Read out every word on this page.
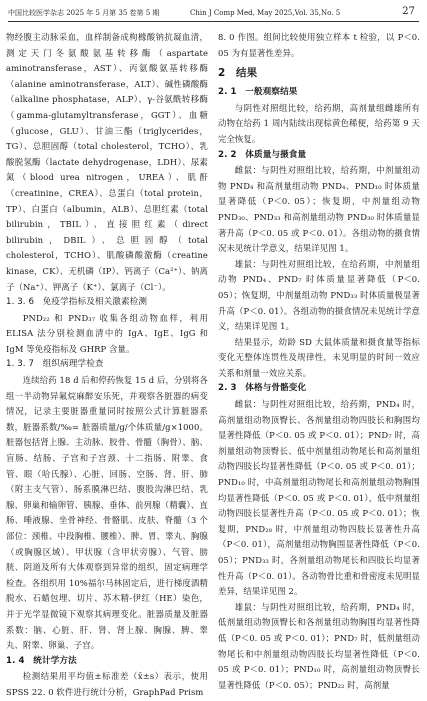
中国比较医学杂志 2025 年 5 月第 35 卷第 5 期	Chin J Comp Med, May 2025,Vol. 35,No. 5	27

物经腹主动脉采血，血样制备成枸橼酸钠抗凝血清，测定天门冬氨酸氨基转移酶（aspartate aminotransferase，AST）、丙氨酸氨基转移酶（alanine aminotransferase，ALT）、碱性磷酸酶（alkaline phosphatase，ALP）、γ-谷氨酰转移酶（gamma-glutamyltransferase，GGT）、血糖（glucose，GLU）、甘油三酯（triglycerides，TG）、总胆固醇（total cholesterol，TCHO）、乳酸脱氢酶（lactate dehydrogenase，LDH）、尿素氮（blood urea nitrogen，UREA）、肌酐（creatinine，CREA）、总蛋白（total protein，TP）、白蛋白（albumin，ALB）、总胆红素（total bilirubin，TBIL）、直接胆红素（direct bilirubin，DBIL）、总胆固醇（total cholesterol，TCHO）、肌酸磷酸激酶（creatine kinase，CK）、无机磷（IP）、钙离子（Ca²⁺）、钠离子（Na⁺）、钾离子（K⁺）、氯离子（Cl⁻）。

1. 3. 6　免疫学指标及相关激素检测

PND₂₂ 和 PND₃₇ 收集各组动物血样，利用 ELISA 法分别检测血清中的 IgA、IgE、IgG 和 IgM 等免疫指标及 GHRP 含量。

1. 3. 7　组织病理学检查

连续给药 18 d 后和停药恢复 15 d 后，分别将各组一半动物异氟烷麻醉安乐死，并观察各脏器的病变情况，记录主要脏器重量同时按照公式计算脏器系数，脏器系数/‰= 脏器质量/g/个体质量/g×1000。脏器包括肾上腺、主动脉、胶骨、骨髓（胸骨）、脑、盲肠、结肠、子宫和子宫颈、十二指肠、附睾、食管、眼（哈氏腺）、心脏、回肠、空肠、肾、肝、肺（附主支气管）、肠系膜淋巴结、腹股沟淋巴结、乳腺、卵巢和输卵管、胰腺、垂体、前列腺（精囊）、直肠、唾液腺、坐骨神经、骨骼肌、皮肤、脊髓（3 个部位：颈椎、中段胸椎、腰椎）、脾、胃、睾丸、胸腺（或胸腺区域）、甲状腺（含甲状旁腺）、气管、膀胱、阴道及所有大体观察到异常的组织，固定病理学检查。各组织用 10%福尔马林固定后，进行梯度酒精脱水、石蜡包埋、切片、苏木精-伊红（HE）染色，并于光学显微镜下观察其病理变化。脏器质量及脏器系数：脑、心脏、肝、肾、肾上腺、胸腺、脾、睾丸、附睾、卵巢、子宫。

1. 4　统计学方法

检测结果用平均值±标准差（x̄±s）表示，使用 SPSS 22. 0 软件进行统计分析，GraphPad Prism

8. 0 作图。组间比较使用独立样本 t 检验，以 P＜0. 05 为有显著性差异。

2　结果

2. 1　一般观察结果

与阴性对照组比较，给药期，高剂量组雌雄所有动物在给药 1 周内陆续出现棕黄色稀便，给药第 9 天完全恢复。

2. 2　体质量与摄食量

雌鼠：与阴性对照组比较，给药期，中剂量组动物 PND₄ 和高剂量组动物 PND₄、PND₁₀ 时体质量显著降低（P＜0. 05）；恢复期，中剂量组动物 PND₃₀、PND₃₃ 和高剂量组动物 PND₃₀ 时体质量显著升高（P＜0. 05 或 P＜0. 01）。各组动物的摄食情况未见统计学意义，结果详见图 1。

雄鼠：与阴性对照组比较，在给药期，中剂量组动物 PND₄、PND₇ 时体质量显著降低（P＜0. 05）；恢复期，中剂量组动物 PND₃₃ 时体质量极显著升高（P＜0. 01）。各组动物的摄食情况未见统计学意义，结果详见图 1。

结果显示，幼龄 SD 大鼠体质量和摄食量等指标变化无整体连贯性及规律性，未见明显的时间一效应关系和剂量一效应关系。

2. 3　体格与骨骼变化

雌鼠：与阴性对照组比较，给药期，PND₄ 时，高剂量组动物顶臀长、各剂量组动物四肢长和胸围均显著性降低（P＜0. 05 或 P＜0. 01）；PND₇ 时，高剂量组动物顶臀长、低中剂量组动物尾长和高剂量组动物四肢长均显著性降低（P＜0. 05 或 P＜0. 01）；PND₁₀ 时，中高剂量组动物尾长和高剂量组动物胸围均显著性降低（P＜0. 05 或 P＜0. 01），低中剂量组动物四肢长显著性升高（P＜0. 05 或 P＜0. 01）；恢复期，PND₂₈ 时，中剂量组动物四肢长显著性升高（P＜0. 01），高剂量组动物胸围显著性降低（P＜0. 05）；PND₃₃ 时，各剂量组动物尾长和四肢长均显著性升高（P＜0. 01）。各动物骨比重和骨密度未见明显差异，结果详见图 2。

雄鼠：与阴性对照组比较，给药期，PND₄ 时，低剂量组动物顶臀长和各剂量组动物胸围均显著性降低（P＜0. 05 或 P＜0. 01）；PND₇ 时，低剂量组动物尾长和中剂量组动物四肢长均显著性降低（P＜0. 05 或 P＜0. 01）；PND₁₀ 时，高剂量组动物顶臀长显著性降低（P＜0. 05）；PND₂₂ 时，高剂量
